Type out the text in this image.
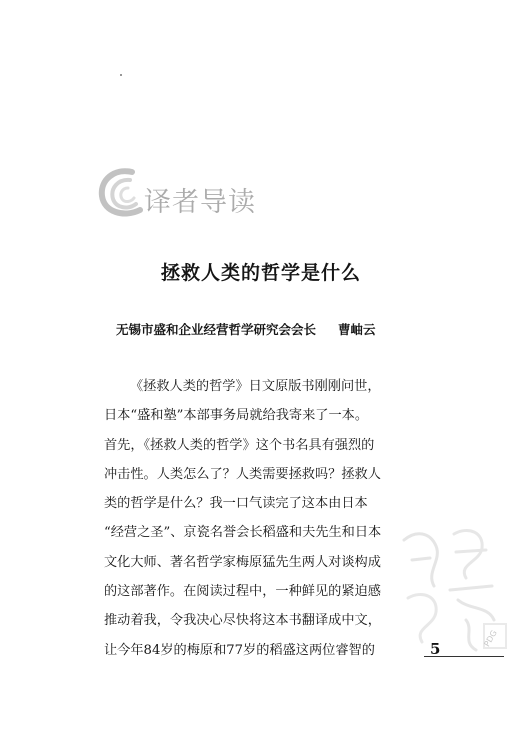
译者导读
拯救人类的哲学是什么
无锡市盛和企业经营哲学研究会会长 曹岫云
《拯救人类的哲学》日文原版书刚刚问世，
日本“盛和塾”本部事务局就给我寄来了一本。
首先，《拯救人类的哲学》这个书名具有强烈的
冲击性。人类怎么了？人类需要拯救吗？拯救人
类的哲学是什么？我一口气读完了这本由日本
“经营之圣”、京瓷名誉会长稻盛和夫先生和日本
文化大师、著名哲学家梅原猛先生两人对谈构成
的这部著作。在阅读过程中，一种鲜见的紧迫感
推动着我，令我决心尽快将这本书翻译成中文，
让今年84岁的梅原和77岁的稻盛这两位睿智的
PDG
5
